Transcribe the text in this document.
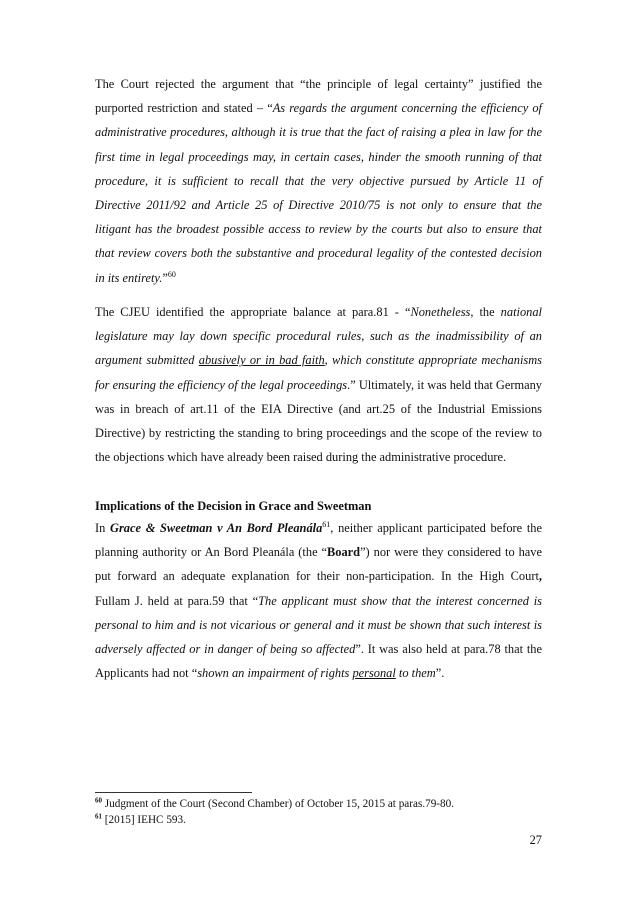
The Court rejected the argument that “the principle of legal certainty” justified the purported restriction and stated – “As regards the argument concerning the efficiency of administrative procedures, although it is true that the fact of raising a plea in law for the first time in legal proceedings may, in certain cases, hinder the smooth running of that procedure, it is sufficient to recall that the very objective pursued by Article 11 of Directive 2011/92 and Article 25 of Directive 2010/75 is not only to ensure that the litigant has the broadest possible access to review by the courts but also to ensure that that review covers both the substantive and procedural legality of the contested decision in its entirety.”$^{60}$

The CJEU identified the appropriate balance at para.81 - “Nonetheless, the national legislature may lay down specific procedural rules, such as the inadmissibility of an argument submitted abusively or in bad faith, which constitute appropriate mechanisms for ensuring the efficiency of the legal proceedings.” Ultimately, it was held that Germany was in breach of art.11 of the EIA Directive (and art.25 of the Industrial Emissions Directive) by restricting the standing to bring proceedings and the scope of the review to the objections which have already been raised during the administrative procedure.

Implications of the Decision in Grace and Sweetman

In Grace & Sweetman v An Bord Pleanála$^{61}$, neither applicant participated before the planning authority or An Bord Pleanála (the “Board”) nor were they considered to have put forward an adequate explanation for their non-participation. In the High Court, Fullam J. held at para.59 that “The applicant must show that the interest concerned is personal to him and is not vicarious or general and it must be shown that such interest is adversely affected or in danger of being so affected”. It was also held at para.78 that the Applicants had not “shown an impairment of rights personal to them”.

$^{60}$ Judgment of the Court (Second Chamber) of October 15, 2015 at paras.79-80.
$^{61}$ [2015] IEHC 593.
27
